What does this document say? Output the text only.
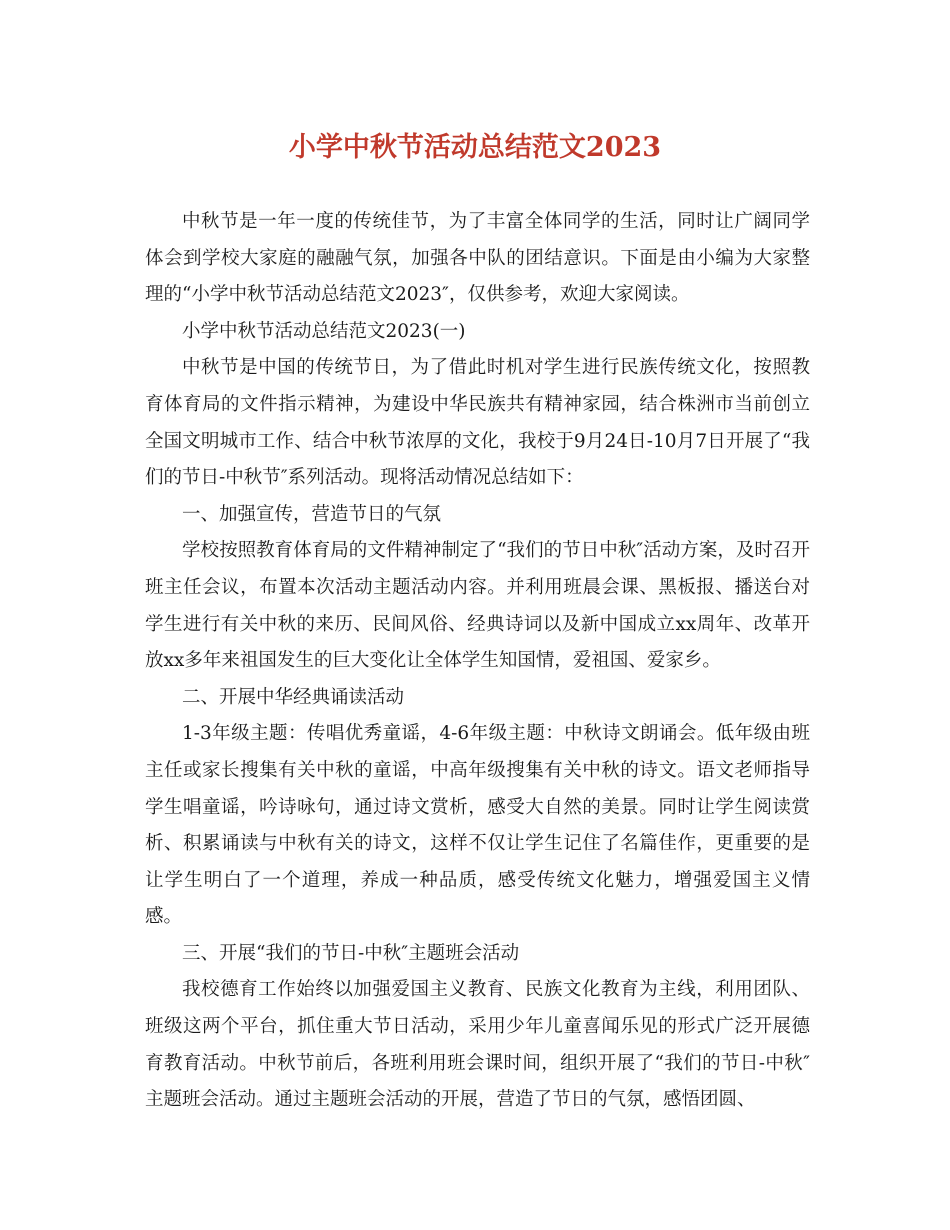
小学中秋节活动总结范文2023

中秋节是一年一度的传统佳节，为了丰富全体同学的生活，同时让广阔同学体会到学校大家庭的融融气氛，加强各中队的团结意识。下面是由小编为大家整理的“小学中秋节活动总结范文2023″，仅供参考，欢迎大家阅读。

小学中秋节活动总结范文2023(一)

中秋节是中国的传统节日，为了借此时机对学生进行民族传统文化，按照教育体育局的文件指示精神，为建设中华民族共有精神家园，结合株洲市当前创立全国文明城市工作、结合中秋节浓厚的文化，我校于9月24日-10月7日开展了“我们的节日-中秋节″系列活动。现将活动情况总结如下：

一、加强宣传，营造节日的气氛

学校按照教育体育局的文件精神制定了“我们的节日中秋″活动方案，及时召开班主任会议，布置本次活动主题活动内容。并利用班晨会课、黑板报、播送台对学生进行有关中秋的来历、民间风俗、经典诗词以及新中国成立xx周年、改革开放xx多年来祖国发生的巨大变化让全体学生知国情，爱祖国、爱家乡。

二、开展中华经典诵读活动

1-3年级主题：传唱优秀童谣，4-6年级主题：中秋诗文朗诵会。低年级由班主任或家长搜集有关中秋的童谣，中高年级搜集有关中秋的诗文。语文老师指导学生唱童谣，吟诗咏句，通过诗文赏析，感受大自然的美景。同时让学生阅读赏析、积累诵读与中秋有关的诗文，这样不仅让学生记住了名篇佳作，更重要的是让学生明白了一个道理，养成一种品质，感受传统文化魅力，增强爱国主义情感。

三、开展“我们的节日-中秋″主题班会活动

我校德育工作始终以加强爱国主义教育、民族文化教育为主线，利用团队、班级这两个平台，抓住重大节日活动，采用少年儿童喜闻乐见的形式广泛开展德育教育活动。中秋节前后，各班利用班会课时间，组织开展了“我们的节日-中秋″主题班会活动。通过主题班会活动的开展，营造了节日的气氛，感悟团圆、
